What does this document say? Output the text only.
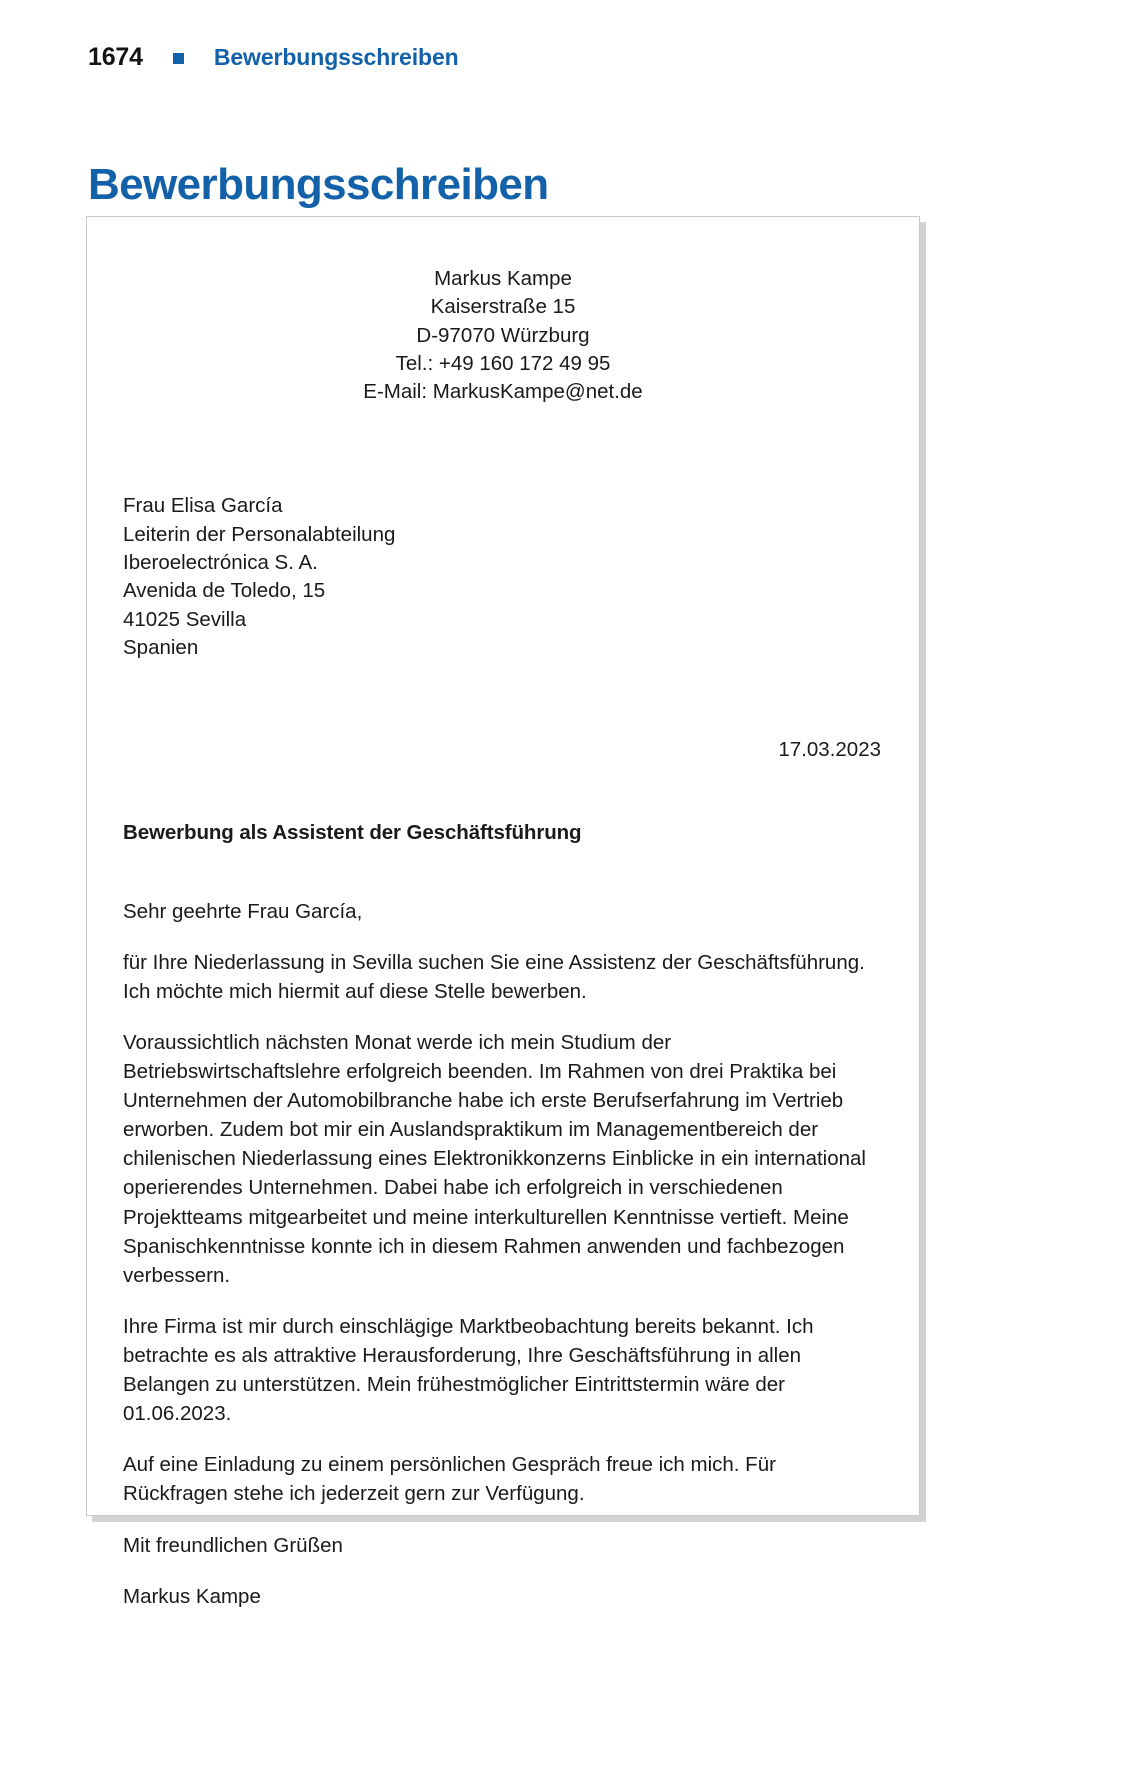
1674	Bewerbungsschreiben
Bewerbungsschreiben
Markus Kampe
Kaiserstraße 15
D-97070 Würzburg
Tel.: +49 160 172 49 95
E-Mail: MarkusKampe@net.de
Frau Elisa García
Leiterin der Personalabteilung
Iberoelectrónica S. A.
Avenida de Toledo, 15
41025 Sevilla
Spanien
17.03.2023
Bewerbung als Assistent der Geschäftsführung

Sehr geehrte Frau García,

für Ihre Niederlassung in Sevilla suchen Sie eine Assistenz der Geschäftsführung. Ich möchte mich hiermit auf diese Stelle bewerben.

Voraussichtlich nächsten Monat werde ich mein Studium der Betriebswirtschaftslehre erfolgreich beenden. Im Rahmen von drei Praktika bei Unternehmen der Automobilbranche habe ich erste Berufserfahrung im Vertrieb erworben. Zudem bot mir ein Auslandspraktikum im Managementbereich der chilenischen Niederlassung eines Elektronikkonzerns Einblicke in ein international operierendes Unternehmen. Dabei habe ich erfolgreich in verschiedenen Projektteams mitgearbeitet und meine interkulturellen Kenntnisse vertieft. Meine Spanischkenntnisse konnte ich in diesem Rahmen anwenden und fachbezogen verbessern.

Ihre Firma ist mir durch einschlägige Marktbeobachtung bereits bekannt. Ich betrachte es als attraktive Herausforderung, Ihre Geschäftsführung in allen Belangen zu unterstützen. Mein frühestmöglicher Eintrittstermin wäre der 01.06.2023.

Auf eine Einladung zu einem persönlichen Gespräch freue ich mich. Für Rückfragen stehe ich jederzeit gern zur Verfügung.

Mit freundlichen Grüßen

Markus Kampe
